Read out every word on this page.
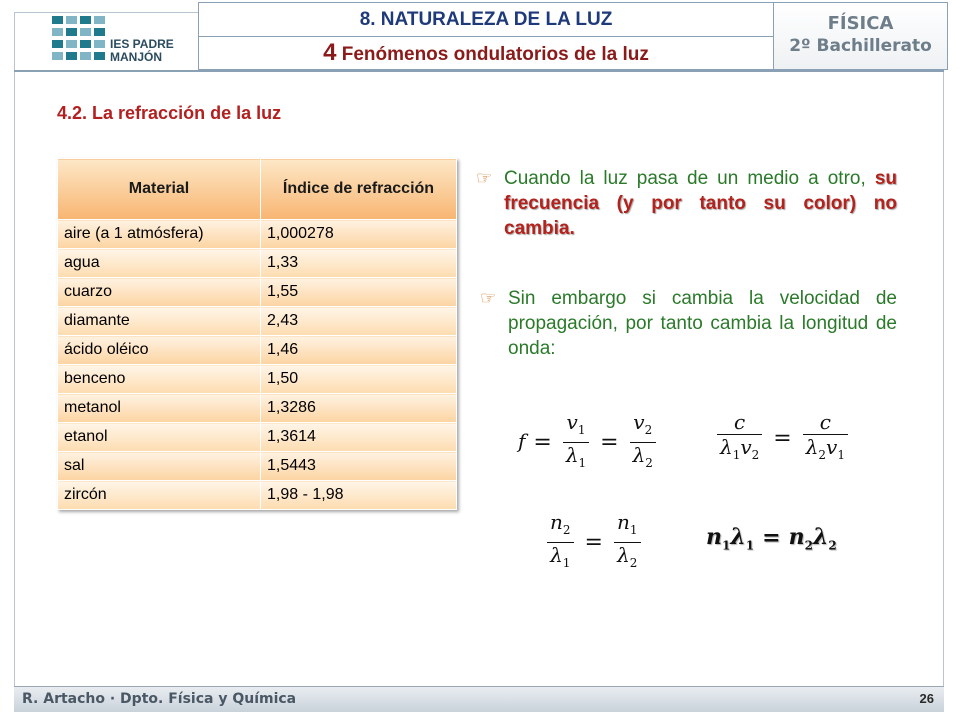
IES PADRE
MANJÓN
8. NATURALEZA DE LA LUZ
4 Fenómenos ondulatorios de la luz
FÍSICA
2º Bachillerato
4.2. La refracción de la luz
Material	Índice de refracción
aire (a 1 atmósfera)	1,000278
agua	1,33
cuarzo	1,55
diamante	2,43
ácido oléico	1,46
benceno	1,50
metanol	1,3286
etanol	1,3614
sal	1,5443
zircón	1,98 - 1,98
☞ Cuando la luz pasa de un medio a otro, su frecuencia (y por tanto su color) no cambia.
☞ Sin embargo si cambia la velocidad de propagación, por tanto cambia la longitud de onda:
$f = \frac{v_1}{\lambda_1} = \frac{v_2}{\lambda_2}$	$\frac{c}{\lambda_1v_2} = \frac{c}{\lambda_2v_1}$
$\frac{n_2}{\lambda_1} = \frac{n_1}{\lambda_2}$	$n_1\lambda_1 = n_2\lambda_2$
R. Artacho · Dpto. Física y Química	26
